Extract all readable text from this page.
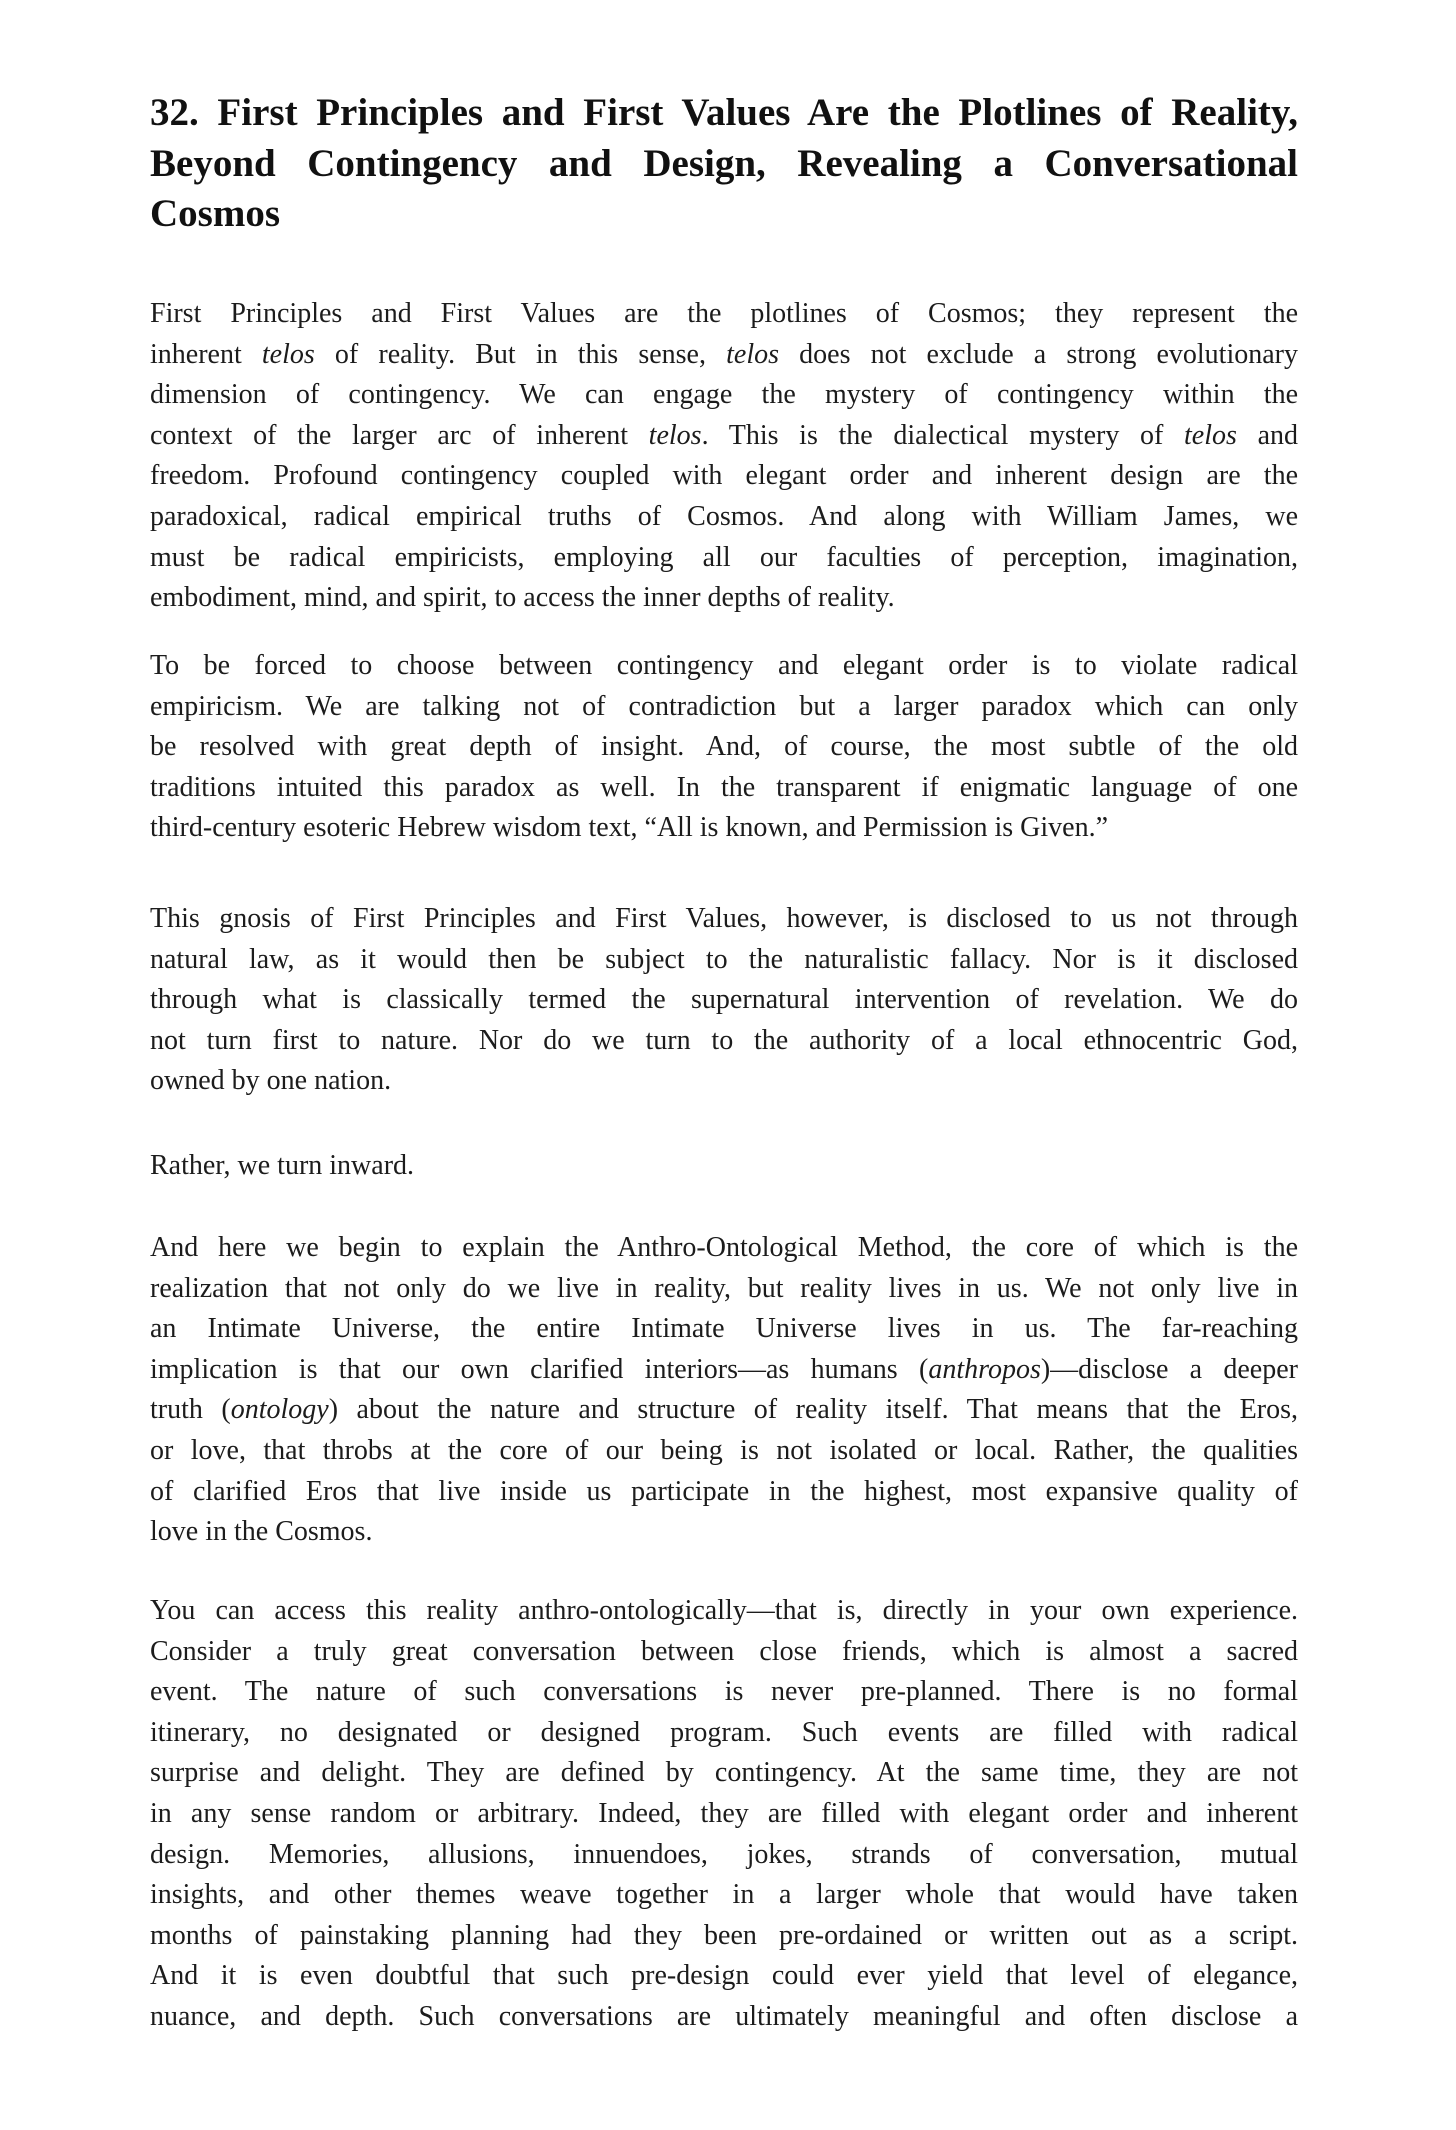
32. First Principles and First Values Are the Plotlines of Reality,
Beyond Contingency and Design, Revealing a Conversational
Cosmos

First Principles and First Values are the plotlines of Cosmos; they represent the
inherent telos of reality. But in this sense, telos does not exclude a strong evolutionary
dimension of contingency. We can engage the mystery of contingency within the
context of the larger arc of inherent telos. This is the dialectical mystery of telos and
freedom. Profound contingency coupled with elegant order and inherent design are the
paradoxical, radical empirical truths of Cosmos. And along with William James, we
must be radical empiricists, employing all our faculties of perception, imagination,
embodiment, mind, and spirit, to access the inner depths of reality.

To be forced to choose between contingency and elegant order is to violate radical
empiricism. We are talking not of contradiction but a larger paradox which can only
be resolved with great depth of insight. And, of course, the most subtle of the old
traditions intuited this paradox as well. In the transparent if enigmatic language of one
third-century esoteric Hebrew wisdom text, “All is known, and Permission is Given.”

This gnosis of First Principles and First Values, however, is disclosed to us not through
natural law, as it would then be subject to the naturalistic fallacy. Nor is it disclosed
through what is classically termed the supernatural intervention of revelation. We do
not turn first to nature. Nor do we turn to the authority of a local ethnocentric God,
owned by one nation.

Rather, we turn inward.

And here we begin to explain the Anthro-Ontological Method, the core of which is the
realization that not only do we live in reality, but reality lives in us. We not only live in
an Intimate Universe, the entire Intimate Universe lives in us. The far-reaching
implication is that our own clarified interiors—as humans (anthropos)—disclose a deeper
truth (ontology) about the nature and structure of reality itself. That means that the Eros,
or love, that throbs at the core of our being is not isolated or local. Rather, the qualities
of clarified Eros that live inside us participate in the highest, most expansive quality of
love in the Cosmos.

You can access this reality anthro-ontologically—that is, directly in your own experience.
Consider a truly great conversation between close friends, which is almost a sacred
event. The nature of such conversations is never pre-planned. There is no formal
itinerary, no designated or designed program. Such events are filled with radical
surprise and delight. They are defined by contingency. At the same time, they are not
in any sense random or arbitrary. Indeed, they are filled with elegant order and inherent
design. Memories, allusions, innuendoes, jokes, strands of conversation, mutual
insights, and other themes weave together in a larger whole that would have taken
months of painstaking planning had they been pre-ordained or written out as a script.
And it is even doubtful that such pre-design could ever yield that level of elegance,
nuance, and depth. Such conversations are ultimately meaningful and often disclose a
